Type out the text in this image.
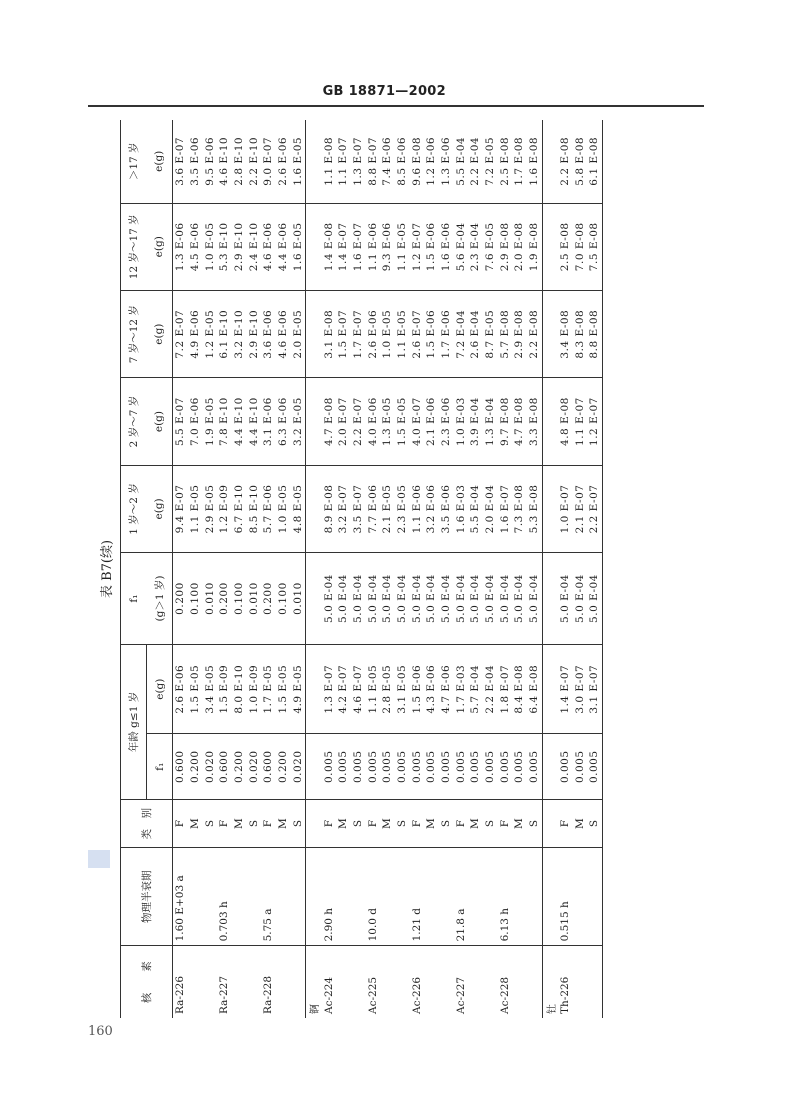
GB 18871—2002
160
表 B7(续)
核　　素	物理半衰期	类　别	年龄 g≤1 岁		f₁	1 岁～2 岁	2 岁～7 岁	7 岁～12 岁	12 岁～17 岁	＞17 岁
			f₁	e(g)	(g＞1 岁)	e(g)	e(g)	e(g)	e(g)	e(g)
Ra-226	1.60 E+03 a	F	0.600	2.6 E-06	0.200	9.4 E-07	5.5 E-07	7.2 E-07	1.3 E-06	3.6 E-07
		M	0.200	1.5 E-05	0.100	1.1 E-05	7.0 E-06	4.9 E-06	4.5 E-06	3.5 E-06
		S	0.020	3.4 E-05	0.010	2.9 E-05	1.9 E-05	1.2 E-05	1.0 E-05	9.5 E-06
Ra-227	0.703 h	F	0.600	1.5 E-09	0.200	1.2 E-09	7.8 E-10	6.1 E-10	5.3 E-10	4.6 E-10
		M	0.200	8.0 E-10	0.100	6.7 E-10	4.4 E-10	3.2 E-10	2.9 E-10	2.8 E-10
		S	0.020	1.0 E-09	0.010	8.5 E-10	4.4 E-10	2.9 E-10	2.4 E-10	2.2 E-10
Ra-228	5.75 a	F	0.600	1.7 E-05	0.200	5.7 E-06	3.1 E-06	3.6 E-06	4.6 E-06	9.0 E-07
		M	0.200	1.5 E-05	0.100	1.0 E-05	6.3 E-06	4.6 E-06	4.4 E-06	2.6 E-06
		S	0.020	4.9 E-05	0.010	4.8 E-05	3.2 E-05	2.0 E-05	1.6 E-05	1.6 E-05
锕										
Ac-224	2.90 h	F	0.005	1.3 E-07	5.0 E-04	8.9 E-08	4.7 E-08	3.1 E-08	1.4 E-08	1.1 E-08
		M	0.005	4.2 E-07	5.0 E-04	3.2 E-07	2.0 E-07	1.5 E-07	1.4 E-07	1.1 E-07
		S	0.005	4.6 E-07	5.0 E-04	3.5 E-07	2.2 E-07	1.7 E-07	1.6 E-07	1.3 E-07
Ac-225	10.0 d	F	0.005	1.1 E-05	5.0 E-04	7.7 E-06	4.0 E-06	2.6 E-06	1.1 E-06	8.8 E-07
		M	0.005	2.8 E-05	5.0 E-04	2.1 E-05	1.3 E-05	1.0 E-05	9.3 E-06	7.4 E-06
		S	0.005	3.1 E-05	5.0 E-04	2.3 E-05	1.5 E-05	1.1 E-05	1.1 E-05	8.5 E-06
Ac-226	1.21 d	F	0.005	1.5 E-06	5.0 E-04	1.1 E-06	4.0 E-07	2.6 E-07	1.2 E-07	9.6 E-08
		M	0.005	4.3 E-06	5.0 E-04	3.2 E-06	2.1 E-06	1.5 E-06	1.5 E-06	1.2 E-06
		S	0.005	4.7 E-06	5.0 E-04	3.5 E-06	2.3 E-06	1.7 E-06	1.6 E-06	1.3 E-06
Ac-227	21.8 a	F	0.005	1.7 E-03	5.0 E-04	1.6 E-03	1.0 E-03	7.2 E-04	5.6 E-04	5.5 E-04
		M	0.005	5.7 E-04	5.0 E-04	5.5 E-04	3.9 E-04	2.6 E-04	2.3 E-04	2.2 E-04
		S	0.005	2.2 E-04	5.0 E-04	2.0 E-04	1.3 E-04	8.7 E-05	7.6 E-05	7.2 E-05
Ac-228	6.13 h	F	0.005	1.8 E-07	5.0 E-04	1.6 E-07	9.7 E-08	5.7 E-08	2.9 E-08	2.5 E-08
		M	0.005	8.4 E-08	5.0 E-04	7.3 E-08	4.7 E-08	2.9 E-08	2.0 E-08	1.7 E-08
		S	0.005	6.4 E-08	5.0 E-04	5.3 E-08	3.3 E-08	2.2 E-08	1.9 E-08	1.6 E-08
钍										
Th-226	0.515 h	F	0.005	1.4 E-07	5.0 E-04	1.0 E-07	4.8 E-08	3.4 E-08	2.5 E-08	2.2 E-08
		M	0.005	3.0 E-07	5.0 E-04	2.1 E-07	1.1 E-07	8.3 E-08	7.0 E-08	5.8 E-08
		S	0.005	3.1 E-07	5.0 E-04	2.2 E-07	1.2 E-07	8.8 E-08	7.5 E-08	6.1 E-08
